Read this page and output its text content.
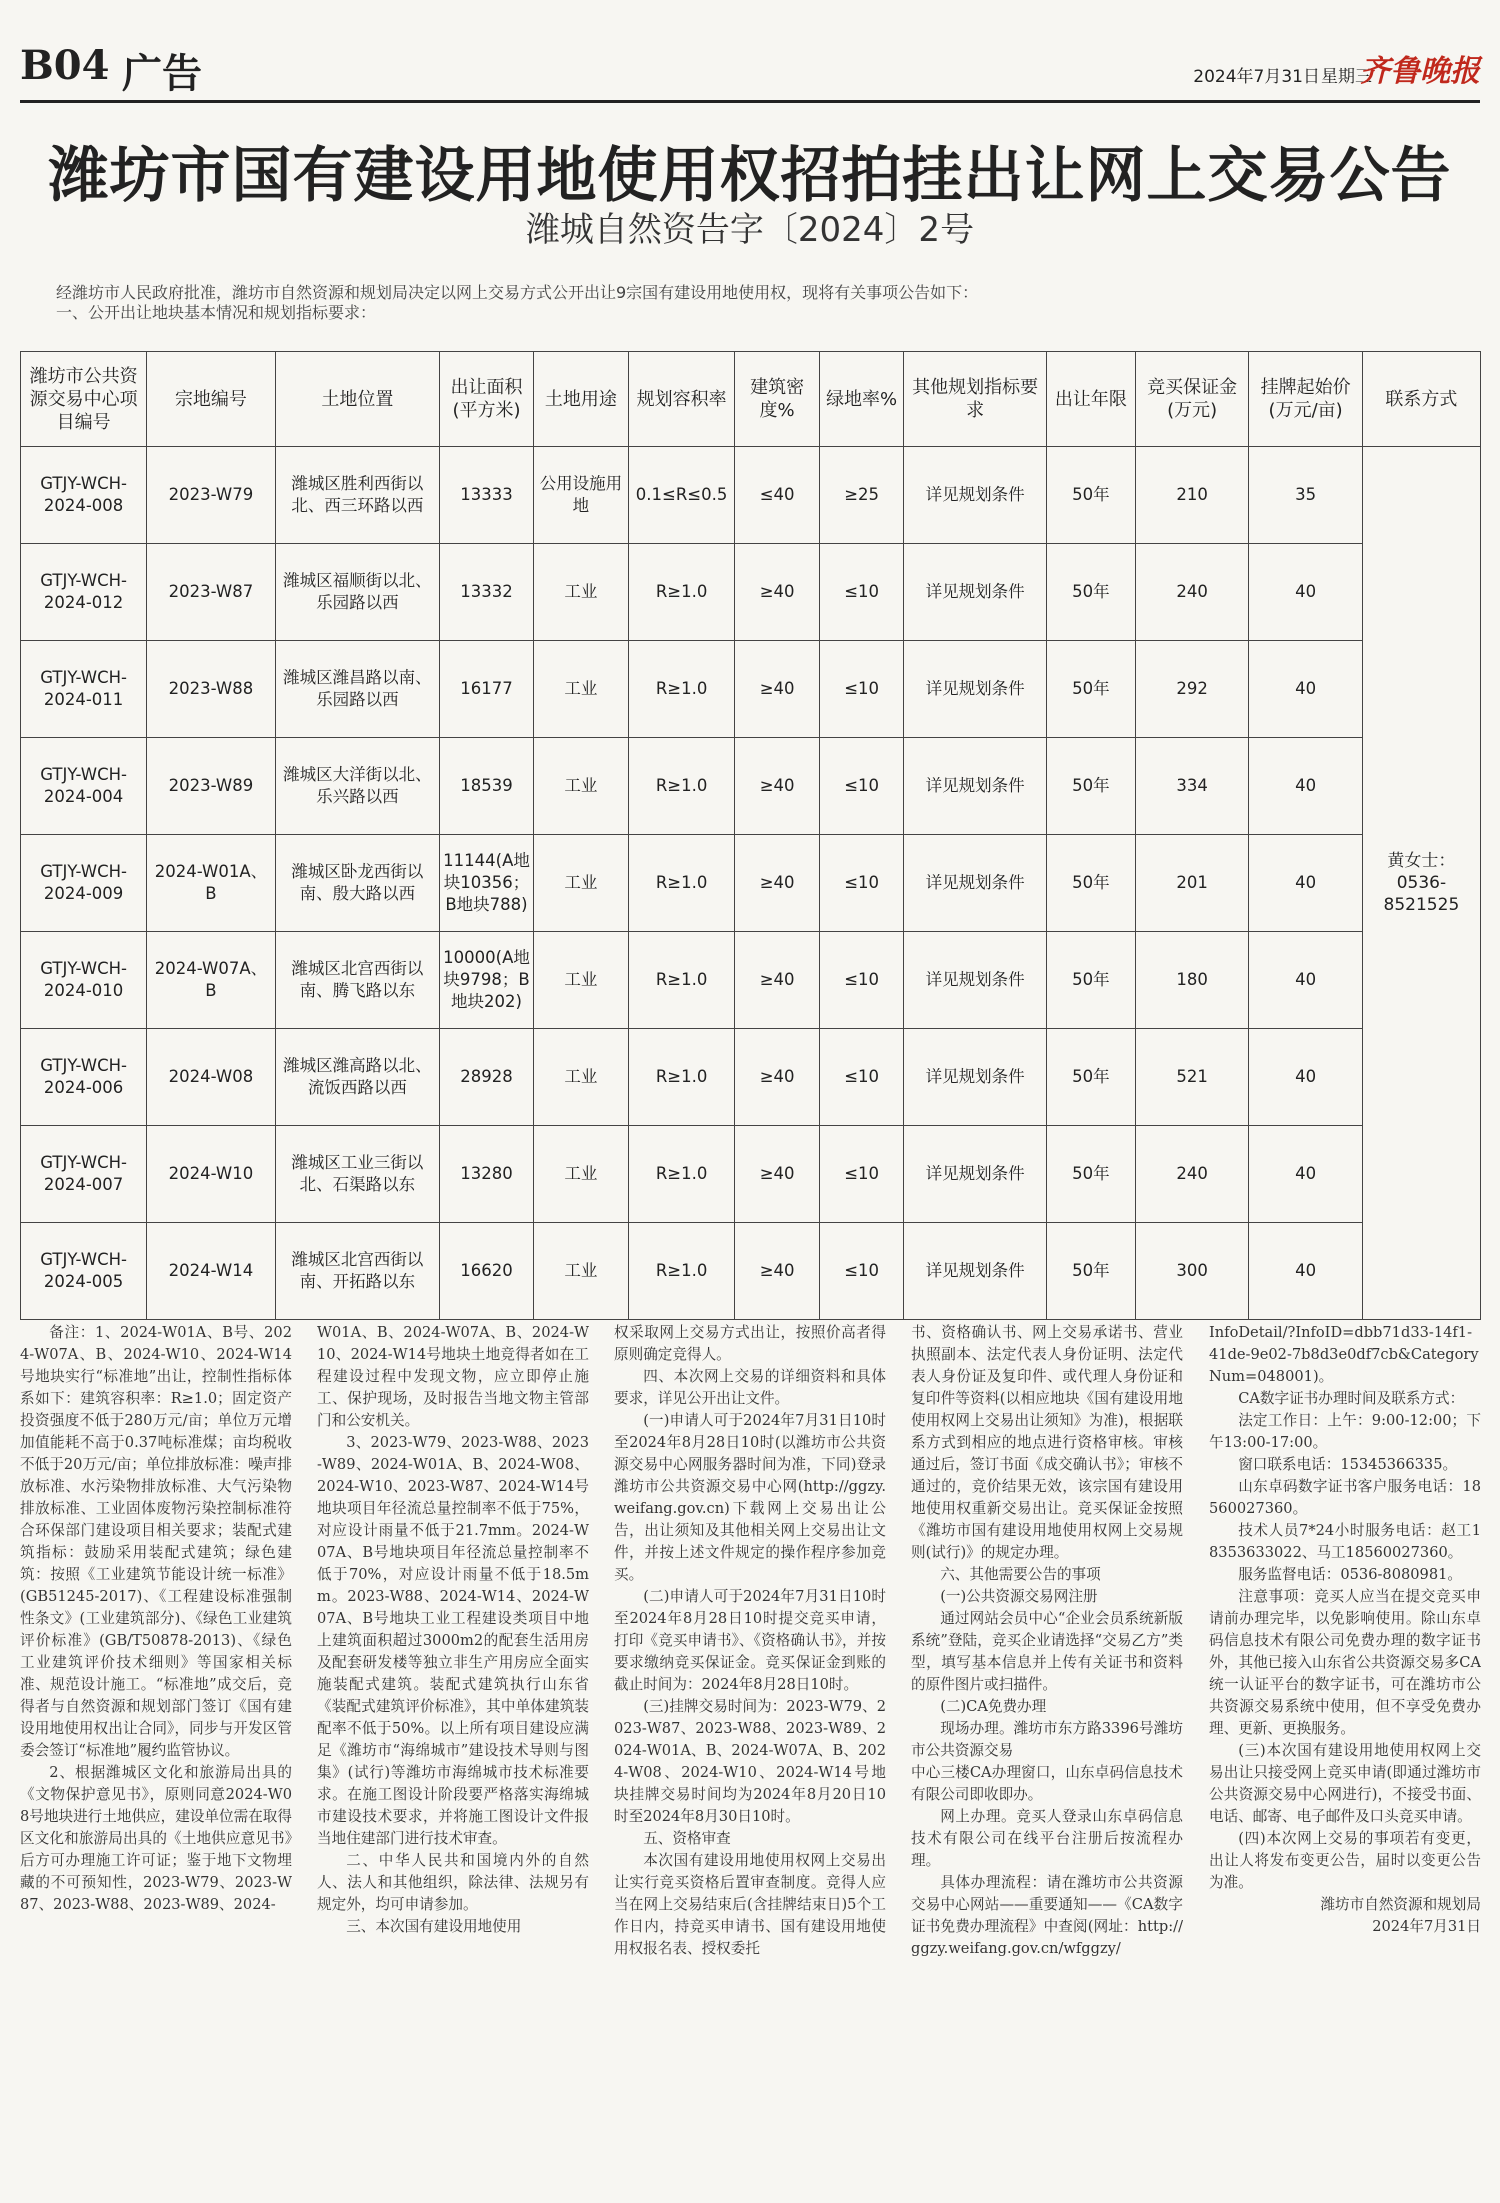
B04 广告	2024年7月31日 星期三
齐鲁晚报
潍坊市国有建设用地使用权招拍挂出让网上交易公告
潍城自然资告字〔2024〕2号
经潍坊市人民政府批准，潍坊市自然资源和规划局决定以网上交易方式公开出让9宗国有建设用地使用权，现将有关事项公告如下：
一、公开出让地块基本情况和规划指标要求：
潍坊市公共资源交易中心项目编号	宗地编号	土地位置	出让面积(平方米)	土地用途	规划容积率	建筑密度%	绿地率%	其他规划指标要求	出让年限	竞买保证金(万元)	挂牌起始价(万元/亩)	联系方式
GTJY-WCH-2024-008	2023-W79	潍城区胜利西街以北、西三环路以西	13333	公用设施用地	0.1≤R≤0.5	≤40	≥25	详见规划条件	50年	210	35	黄女士：0536-8521525
GTJY-WCH-2024-012	2023-W87	潍城区福顺街以北、乐园路以西	13332	工业	R≥1.0	≥40	≤10	详见规划条件	50年	240	40	
GTJY-WCH-2024-011	2023-W88	潍城区潍昌路以南、乐园路以西	16177	工业	R≥1.0	≥40	≤10	详见规划条件	50年	292	40	
GTJY-WCH-2024-004	2023-W89	潍城区大洋街以北、乐兴路以西	18539	工业	R≥1.0	≥40	≤10	详见规划条件	50年	334	40	
GTJY-WCH-2024-009	2024-W01A、B	潍城区卧龙西街以南、殷大路以西	11144(A地块10356；B地块788)	工业	R≥1.0	≥40	≤10	详见规划条件	50年	201	40	
GTJY-WCH-2024-010	2024-W07A、B	潍城区北宫西街以南、腾飞路以东	10000(A地块9798；B地块202)	工业	R≥1.0	≥40	≤10	详见规划条件	50年	180	40	
GTJY-WCH-2024-006	2024-W08	潍城区潍高路以北、流饭西路以西	28928	工业	R≥1.0	≥40	≤10	详见规划条件	50年	521	40	
GTJY-WCH-2024-007	2024-W10	潍城区工业三街以北、石渠路以东	13280	工业	R≥1.0	≥40	≤10	详见规划条件	50年	240	40	
GTJY-WCH-2024-005	2024-W14	潍城区北宫西街以南、开拓路以东	16620	工业	R≥1.0	≥40	≤10	详见规划条件	50年	300	40	

备注：1、2024-W01A、B号、2024-W07A、B、2024-W10、2024-W14号地块实行“标准地”出让，控制性指标体系如下：建筑容积率：R≥1.0；固定资产投资强度不低于280万元/亩；单位万元增加值能耗不高于0.37吨标准煤；亩均税收不低于20万元/亩；单位排放标准：噪声排放标准、水污染物排放标准、大气污染物排放标准、工业固体废物污染控制标准符合环保部门建设项目相关要求；装配式建筑指标：鼓励采用装配式建筑；绿色建筑：按照《工业建筑节能设计统一标准》(GB51245-2017)、《工程建设标准强制性条文》(工业建筑部分)、《绿色工业建筑评价标准》(GB/T50878-2013)、《绿色工业建筑评价技术细则》等国家相关标准、规范设计施工。“标准地”成交后，竞得者与自然资源和规划部门签订《国有建设用地使用权出让合同》，同步与开发区管委会签订“标准地”履约监管协议。

2、根据潍城区文化和旅游局出具的《文物保护意见书》，原则同意2024-W08号地块进行土地供应，建设单位需在取得区文化和旅游局出具的《土地供应意见书》后方可办理施工许可证；鉴于地下文物埋藏的不可预知性，2023-W79、2023-W87、2023-W88、2023-W89、2024-

W01A、B、2024-W07A、B、2024-W10、2024-W14号地块土地竞得者如在工程建设过程中发现文物，应立即停止施工、保护现场，及时报告当地文物主管部门和公安机关。

3、2023-W79、2023-W88、2023-W89、2024-W01A、B、2024-W08、2024-W10、2023-W87、2024-W14号地块项目年径流总量控制率不低于75%，对应设计雨量不低于21.7mm。2024-W07A、B号地块项目年径流总量控制率不低于70%，对应设计雨量不低于18.5mm。2023-W88、2024-W14、2024-W07A、B号地块工业工程建设类项目中地上建筑面积超过3000m2的配套生活用房及配套研发楼等独立非生产用房应全面实施装配式建筑。装配式建筑执行山东省《装配式建筑评价标准》，其中单体建筑装配率不低于50%。以上所有项目建设应满足《潍坊市“海绵城市”建设技术导则与图集》(试行)等潍坊市海绵城市技术标准要求。在施工图设计阶段要严格落实海绵城市建设技术要求，并将施工图设计文件报当地住建部门进行技术审查。

二、中华人民共和国境内外的自然人、法人和其他组织，除法律、法规另有规定外，均可申请参加。

三、本次国有建设用地使用

权采取网上交易方式出让，按照价高者得原则确定竞得人。

四、本次网上交易的详细资料和具体要求，详见公开出让文件。

(一)申请人可于2024年7月31日10时至2024年8月28日10时(以潍坊市公共资源交易中心网服务器时间为准，下同)登录潍坊市公共资源交易中心网(http://ggzy.weifang.gov.cn)下载网上交易出让公告，出让须知及其他相关网上交易出让文件，并按上述文件规定的操作程序参加竞买。

(二)申请人可于2024年7月31日10时至2024年8月28日10时提交竞买申请，打印《竞买申请书》、《资格确认书》，并按要求缴纳竞买保证金。竞买保证金到账的截止时间为：2024年8月28日10时。

(三)挂牌交易时间为：2023-W79、2023-W87、2023-W88、2023-W89、2024-W01A、B、2024-W07A、B、2024-W08、2024-W10、2024-W14号地块挂牌交易时间均为2024年8月20日10时至2024年8月30日10时。

五、资格审查

本次国有建设用地使用权网上交易出让实行竞买资格后置审查制度。竞得人应当在网上交易结束后(含挂牌结束日)5个工作日内，持竞买申请书、国有建设用地使用权报名表、授权委托

书、资格确认书、网上交易承诺书、营业执照副本、法定代表人身份证明、法定代表人身份证及复印件、或代理人身份证和复印件等资料(以相应地块《国有建设用地使用权网上交易出让须知》为准)，根据联系方式到相应的地点进行资格审核。审核通过后，签订书面《成交确认书》；审核不通过的，竞价结果无效，该宗国有建设用地使用权重新交易出让。竞买保证金按照《潍坊市国有建设用地使用权网上交易规则(试行)》的规定办理。

六、其他需要公告的事项

(一)公共资源交易网注册

通过网站会员中心“企业会员系统新版系统”登陆，竞买企业请选择“交易乙方”类型，填写基本信息并上传有关证书和资料的原件图片或扫描件。

(二)CA免费办理

现场办理。潍坊市东方路3396号潍坊市公共资源交易

中心三楼CA办理窗口，山东卓码信息技术有限公司即收即办。

网上办理。竞买人登录山东卓码信息技术有限公司在线平台注册后按流程办理。

具体办理流程：请在潍坊市公共资源交易中心网站——重要通知——《CA数字证书免费办理流程》中查阅(网址：http://ggzy.weifang.gov.cn/wfggzy/

InfoDetail/?InfoID=dbb71d33-14f1-41de-9e02-7b8d3e0df7cb&CategoryNum=048001)。

CA数字证书办理时间及联系方式：

法定工作日：上午：9:00-12:00；下午13:00-17:00。

窗口联系电话：15345366335。

山东卓码数字证书客户服务电话：18560027360。

技术人员7*24小时服务电话：赵工18353633022、马工18560027360。

服务监督电话：0536-8080981。

注意事项：竞买人应当在提交竞买申请前办理完毕，以免影响使用。除山东卓码信息技术有限公司免费办理的数字证书外，其他已接入山东省公共资源交易多CA统一认证平台的数字证书，可在潍坊市公共资源交易系统中使用，但不享受免费办理、更新、更换服务。

(三)本次国有建设用地使用权网上交易出让只接受网上竞买申请(即通过潍坊市公共资源交易中心网进行)，不接受书面、电话、邮寄、电子邮件及口头竞买申请。

(四)本次网上交易的事项若有变更，出让人将发布变更公告，届时以变更公告为准。

潍坊市自然资源和规划局

2024年7月31日
